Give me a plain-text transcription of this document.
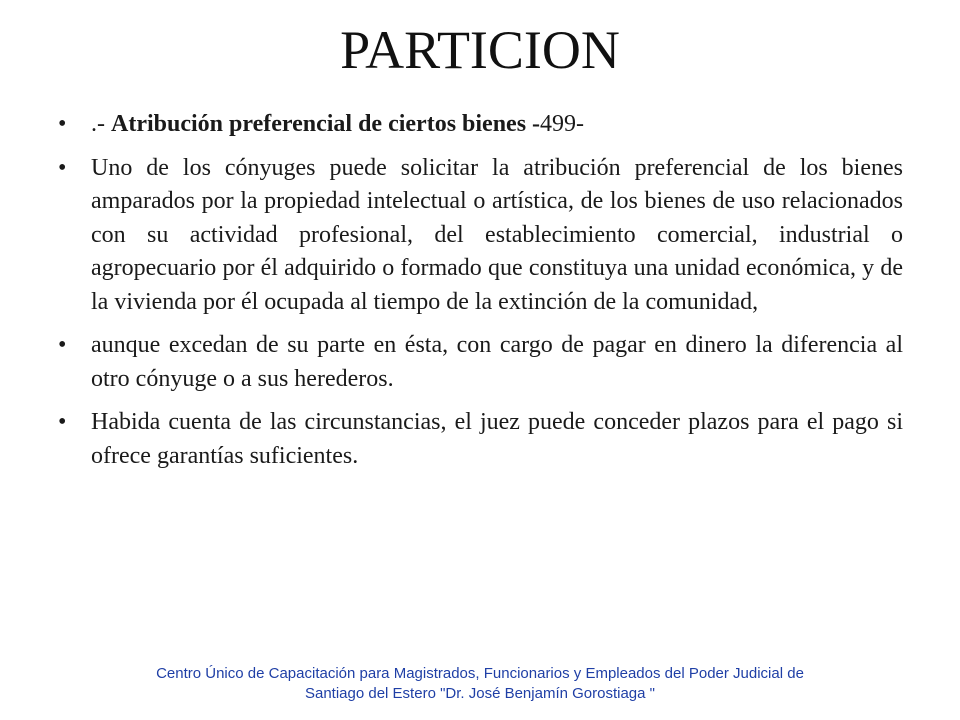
PARTICION
• .- Atribución preferencial de ciertos bienes -499-
• Uno de los cónyuges puede solicitar la atribución preferencial de los bienes amparados por la propiedad intelectual o artística, de los bienes de uso relacionados con su actividad profesional, del establecimiento comercial, industrial o agropecuario por él adquirido o formado que constituya una unidad económica, y de la vivienda por él ocupada al tiempo de la extinción de la comunidad,
• aunque excedan de su parte en ésta, con cargo de pagar en dinero la diferencia al otro cónyuge o a sus herederos.
• Habida cuenta de las circunstancias, el juez puede conceder plazos para el pago si ofrece garantías suficientes.
Centro Único de Capacitación para Magistrados, Funcionarios y Empleados del Poder Judicial de
Santiago del Estero "Dr. José Benjamín Gorostiaga "
